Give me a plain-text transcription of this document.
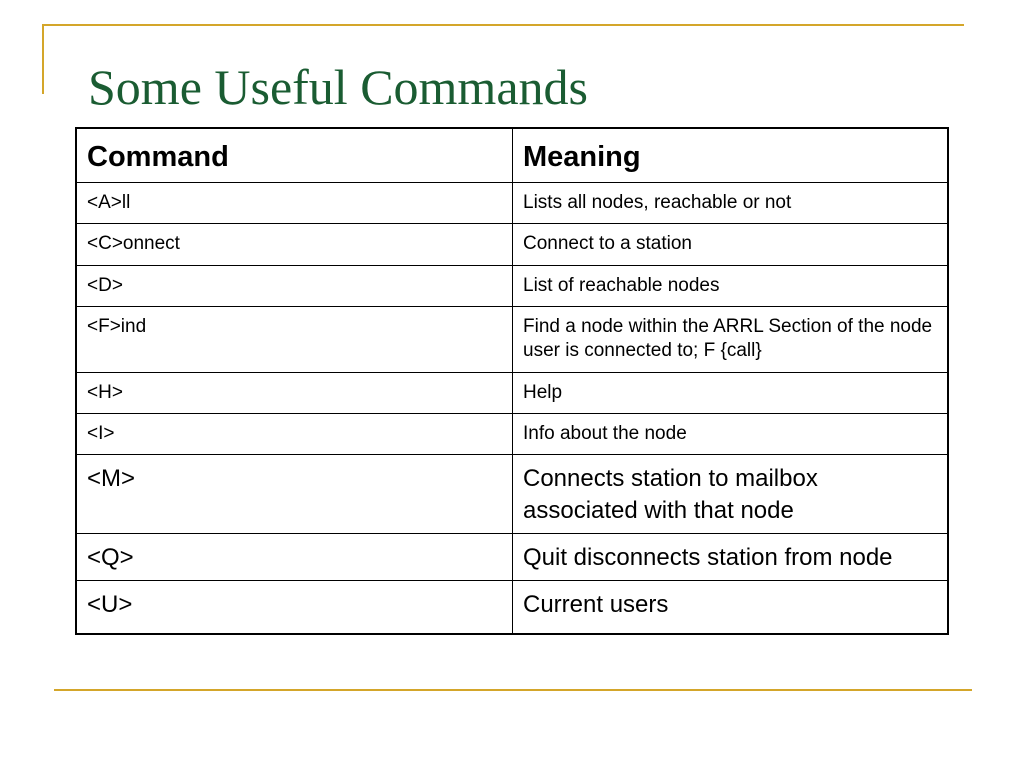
Some Useful Commands
Command	Meaning
<A>ll	Lists all nodes, reachable or not
<C>onnect	Connect to a station
<D>	List of reachable nodes
<F>ind	Find a node within the ARRL Section of the node user is connected to; F {call}
<H>	Help
<I>	Info about the node
<M>	Connects station to mailbox associated with that node
<Q>	Quit disconnects station from node
<U>	Current users
